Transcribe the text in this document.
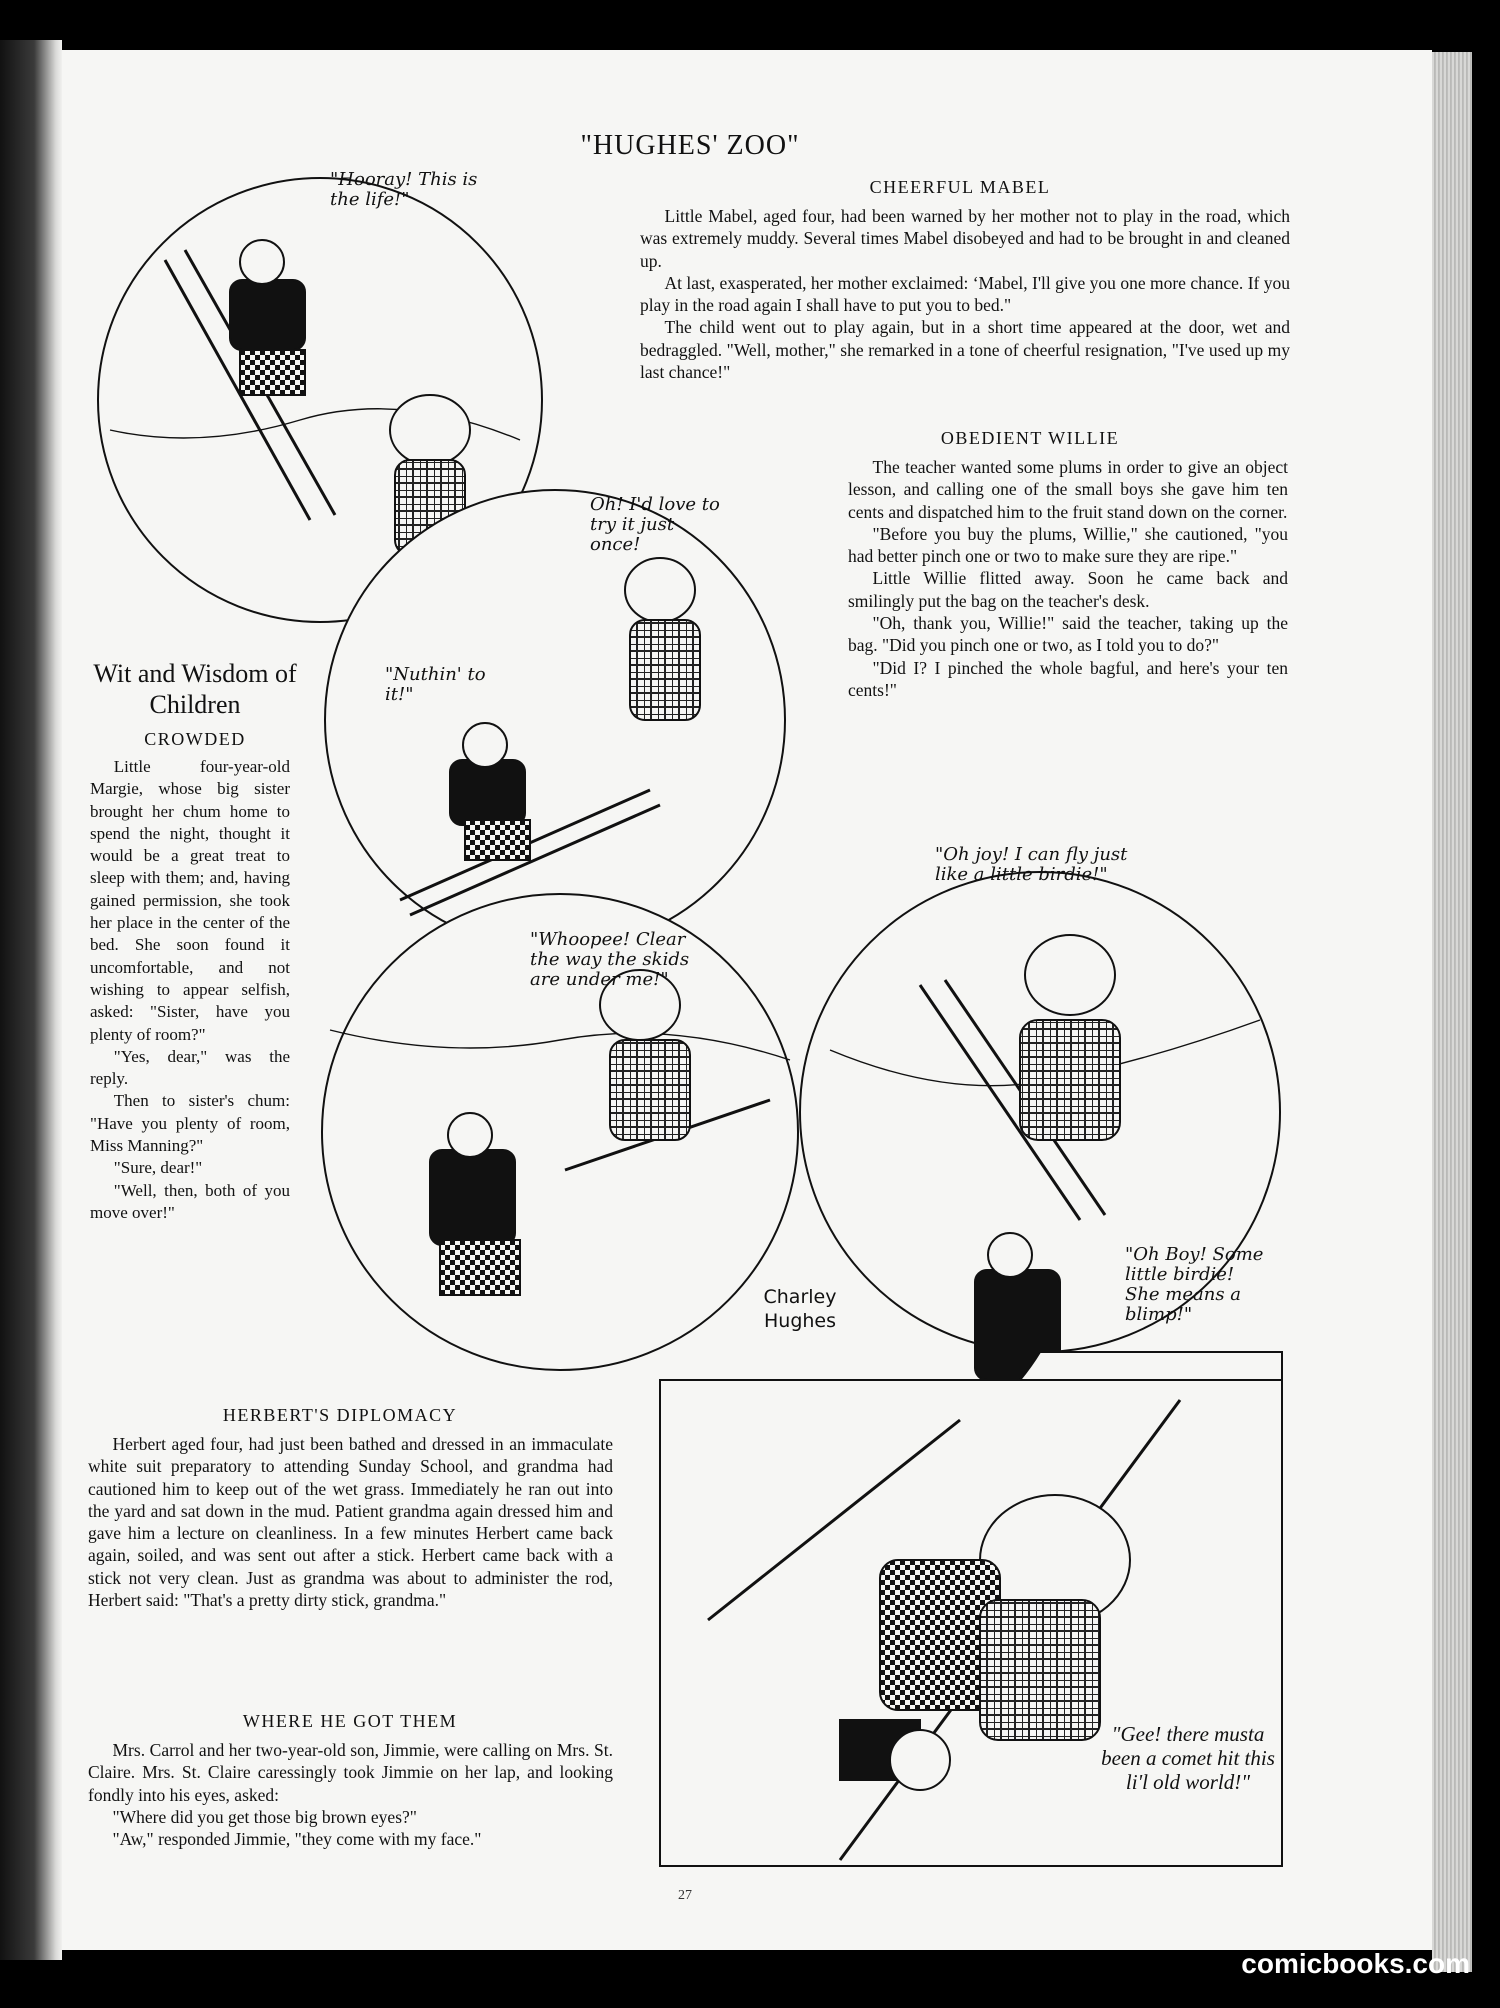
"HUGHES' ZOO"
CHEERFUL MABEL

Little Mabel, aged four, had been warned by her mother not to play in the road, which was extremely muddy. Several times Mabel disobeyed and had to be brought in and cleaned up.

At last, exasperated, her mother exclaimed: ‘Mabel, I'll give you one more chance. If you play in the road again I shall have to put you to bed."

The child went out to play again, but in a short time appeared at the door, wet and bedraggled. "Well, mother," she remarked in a tone of cheerful resignation, "I've used up my last chance!"

OBEDIENT WILLIE

The teacher wanted some plums in order to give an object lesson, and calling one of the small boys she gave him ten cents and dispatched him to the fruit stand down on the corner.

"Before you buy the plums, Willie," she cautioned, "you had better pinch one or two to make sure they are ripe."

Little Willie flitted away. Soon he came back and smilingly put the bag on the teacher's desk.

"Oh, thank you, Willie!" said the teacher, taking up the bag. "Did you pinch one or two, as I told you to do?"

"Did I? I pinched the whole bagful, and here's your ten cents!"

Wit and Wisdom of Children
CROWDED

Little four-year-old Margie, whose big sister brought her chum home to spend the night, thought it would be a great treat to sleep with them; and, having gained permission, she took her place in the center of the bed. She soon found it uncomfortable, and not wishing to appear selfish, asked: "Sister, have you plenty of room?"

"Yes, dear," was the reply.

Then to sister's chum: "Have you plenty of room, Miss Manning?"

"Sure, dear!"

"Well, then, both of you move over!"

HERBERT'S DIPLOMACY

Herbert aged four, had just been bathed and dressed in an immaculate white suit preparatory to attending Sunday School, and grandma had cautioned him to keep out of the wet grass. Immediately he ran out into the yard and sat down in the mud. Patient grandma again dressed him and gave him a lecture on cleanliness. In a few minutes Herbert came back again, soiled, and was sent out after a stick. Herbert came back with a stick not very clean. Just as grandma was about to administer the rod, Herbert said: "That's a pretty dirty stick, grandma."

WHERE HE GOT THEM

Mrs. Carrol and her two-year-old son, Jimmie, were calling on Mrs. St. Claire. Mrs. St. Claire caressingly took Jimmie on her lap, and looking fondly into his eyes, asked:

"Where did you get those big brown eyes?"

"Aw," responded Jimmie, "they come with my face."

"Hooray! This is the life!"
Oh! I'd love to try it just once!
"Nuthin' to it!"
"Whoopee! Clear the way the skids are under me!"
"Oh joy! I can fly just like a little birdie!"
"Oh Boy! Some little birdie! She means a blimp!"
Charley Hughes
"Gee! there musta been a comet hit this li'l old world!"
27
comicbooks.com
